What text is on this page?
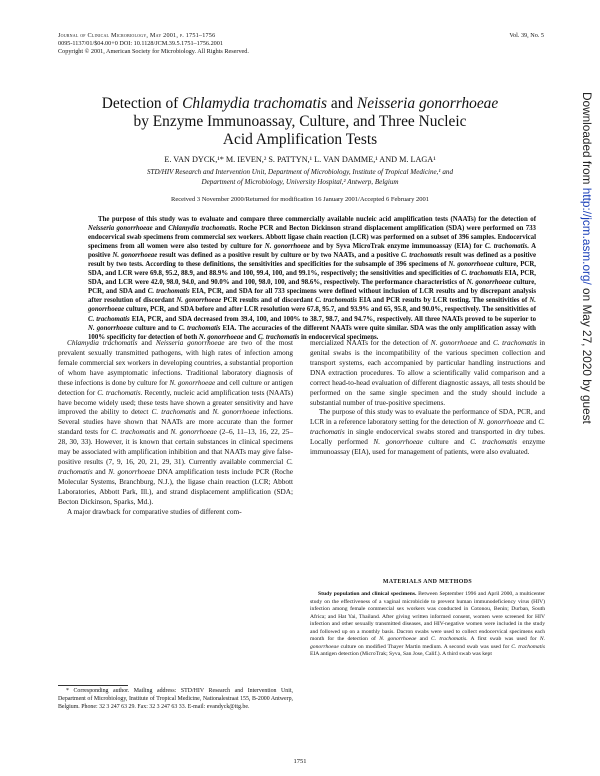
Journal of Clinical Microbiology, May 2001, p. 1751–1756
0095-1137/01/$04.00+0 DOI: 10.1128/JCM.39.5.1751–1756.2001
Copyright © 2001, American Society for Microbiology. All Rights Reserved.
Vol. 39, No. 5
Detection of Chlamydia trachomatis and Neisseria gonorrhoeae
by Enzyme Immunoassay, Culture, and Three Nucleic
Acid Amplification Tests
E. VAN DYCK,¹* M. IEVEN,² S. PATTYN,¹ L. VAN DAMME,¹ AND M. LAGA¹
STD/HIV Research and Intervention Unit, Department of Microbiology, Institute of Tropical Medicine,¹ and
Department of Microbiology, University Hospital,² Antwerp, Belgium
Received 3 November 2000/Returned for modification 16 January 2001/Accepted 6 February 2001
The purpose of this study was to evaluate and compare three commercially available nucleic acid amplification tests (NAATs) for the detection of Neisseria gonorrhoeae and Chlamydia trachomatis. Roche PCR and Becton Dickinson strand displacement amplification (SDA) were performed on 733 endocervical swab specimens from commercial sex workers. Abbott ligase chain reaction (LCR) was performed on a subset of 396 samples. Endocervical specimens from all women were also tested by culture for N. gonorrhoeae and by Syva MicroTrak enzyme immunoassay (EIA) for C. trachomatis. A positive N. gonorrhoeae result was defined as a positive result by culture or by two NAATs, and a positive C. trachomatis result was defined as a positive result by two tests. According to these definitions, the sensitivities and specificities for the subsample of 396 specimens of N. gonorrhoeae culture, PCR, SDA, and LCR were 69.8, 95.2, 88.9, and 88.9% and 100, 99.4, 100, and 99.1%, respectively; the sensitivities and specificities of C. trachomatis EIA, PCR, SDA, and LCR were 42.0, 98.0, 94.0, and 90.0% and 100, 98.0, 100, and 98.6%, respectively. The performance characteristics of N. gonorrhoeae culture, PCR, and SDA and C. trachomatis EIA, PCR, and SDA for all 733 specimens were defined without inclusion of LCR results and by discrepant analysis after resolution of discordant N. gonorrhoeae PCR results and of discordant C. trachomatis EIA and PCR results by LCR testing. The sensitivities of N. gonorrhoeae culture, PCR, and SDA before and after LCR resolution were 67.8, 95.7, and 93.9% and 65, 95.8, and 90.0%, respectively. The sensitivities of C. trachomatis EIA, PCR, and SDA decreased from 39.4, 100, and 100% to 38.7, 98.7, and 94.7%, respectively. All three NAATs proved to be superior to N. gonorrhoeae culture and to C. trachomatis EIA. The accuracies of the different NAATs were quite similar. SDA was the only amplification assay with 100% specificity for detection of both N. gonorrhoeae and C. trachomatis in endocervical specimens.

Chlamydia trachomatis and Neisseria gonorrhoeae are two of the most prevalent sexually transmitted pathogens, with high rates of infection among female commercial sex workers in developing countries, a substantial proportion of whom have asymptomatic infections. Traditional laboratory diagnosis of these infections is done by culture for N. gonorrhoeae and cell culture or antigen detection for C. trachomatis. Recently, nucleic acid amplification tests (NAATs) have become widely used; these tests have shown a greater sensitivity and have improved the ability to detect C. trachomatis and N. gonorrhoeae infections. Several studies have shown that NAATs are more accurate than the former standard tests for C. trachomatis and N. gonorrhoeae (2–6, 11–13, 16, 22, 25–28, 30, 33). However, it is known that certain substances in clinical specimens may be associated with amplification inhibition and that NAATs may give false-positive results (7, 9, 16, 20, 21, 29, 31). Currently available commercial C. trachomatis and N. gonorrhoeae DNA amplification tests include PCR (Roche Molecular Systems, Branchburg, N.J.), the ligase chain reaction (LCR; Abbott Laboratories, Abbott Park, Ill.), and strand displacement amplification (SDA; Becton Dickinson, Sparks, Md.).

A major drawback for comparative studies of different com-

mercialized NAATs for the detection of N. gonorrhoeae and C. trachomatis in genital swabs is the incompatibility of the various specimen collection and transport systems, each accompanied by particular handling instructions and DNA extraction procedures. To allow a scientifically valid comparison and a correct head-to-head evaluation of different diagnostic assays, all tests should be performed on the same single specimen and the study should include a substantial number of true-positive specimens.

The purpose of this study was to evaluate the performance of SDA, PCR, and LCR in a reference laboratory setting for the detection of N. gonorrhoeae and C. trachomatis in single endocervical swabs stored and transported in dry tubes. Locally performed N. gonorrhoeae culture and C. trachomatis enzyme immunoassay (EIA), used for management of patients, were also evaluated.

MATERIALS AND METHODS
Study population and clinical specimens. Between September 1996 and April 2000, a multicenter study on the effectiveness of a vaginal microbicide to prevent human immunodeficiency virus (HIV) infection among female commercial sex workers was conducted in Cotonou, Benin; Durban, South Africa; and Hat Yai, Thailand. After giving written informed consent, women were screened for HIV infection and other sexually transmitted diseases, and HIV-negative women were included in the study and followed up on a monthly basis. Dacron swabs were used to collect endocervical specimens each month for the detection of N. gonorrhoeae and C. trachomatis. A first swab was used for N. gonorrhoeae culture on modified Thayer Martin medium. A second swab was used for C. trachomatis EIA antigen detection (MicroTrak; Syva, San Jose, Calif.). A third swab was kept
* Corresponding author. Mailing address: STD/HIV Research and Intervention Unit, Department of Microbiology, Institute of Tropical Medicine, Nationalestraat 155, B-2000 Antwerp, Belgium. Phone: 32 3 247 63 29. Fax: 32 3 247 63 33. E-mail: evandyck@itg.be.
1751
Downloaded from http://jcm.asm.org/ on May 27, 2020 by guest
